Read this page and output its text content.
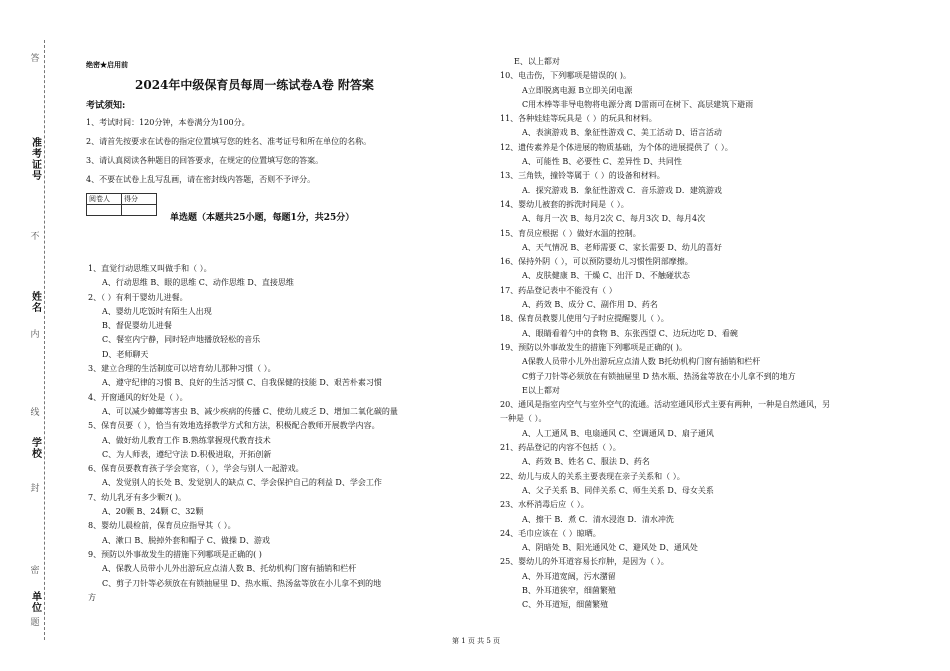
答
准考证号
不
姓名
内
线
学校
封
密
单位
题
绝密★启用前
2024年中级保育员每周一练试卷A卷 附答案
考试须知:
1、考试时间：120分钟，本卷满分为100分。
2、请首先按要求在试卷的指定位置填写您的姓名、准考证号和所在单位的名称。
3、请认真阅读各种题目的回答要求，在规定的位置填写您的答案。
4、不要在试卷上乱写乱画，请在密封线内答题，否则不予评分。
阅卷人	得分

单选题（本题共25小题，每题1分，共25分）
1、直觉行动思维又叫做手和（ ）。
A、行动思维 B、眼的思维 C、动作思维 D、直接思维
2、（ ）有利于婴幼儿进餐。
A、婴幼儿吃饭时有陌生人出现
B、督促婴幼儿进餐
C、餐室内宁静，同时轻声地播放轻松的音乐
D、老师聊天
3、建立合理的生活制度可以培育幼儿那种习惯（ ）。
A、遵守纪律的习惯 B、良好的生活习惯 C、自我保健的技能 D、艰苦朴素习惯
4、开窗通风的好处是（ ）。
A、可以减少蟑螂等害虫 B、减少疾病的传播 C、使幼儿疲乏 D、增加二氧化碳的量
5、保育员要（ ），恰当有效地选择教学方式和方法，积极配合教师开展教学内容。
A、做好幼儿教育工作 B.熟练掌握现代教育技术
C、为人师表，遵纪守法 D.积极进取，开拓创新
6、保育员要教育孩子学会宽容，（ ），学会与别人一起游戏。
A、发觉别人的长处 B、发觉别人的缺点 C、学会保护自己的利益 D、学会工作
7、幼儿乳牙有多少颗?( )。
A、20颗 B、24颗 C、32颗
8、婴幼儿晨检前，保育员应指导其（ ）。
A、漱口 B、脱掉外套和帽子 C、做操 D、游戏
9、预防以外事故发生的措施下列哪项是正确的( )
A、保教人员带小儿外出游玩应点清人数 B、托幼机构门窗有插销和栏杆
C、剪子刀针等必须放在有锁抽屉里 D、热水瓶、热汤盆等放在小儿拿不到的地
方
E、以上都对
10、电击伤，下列哪项是错误的( )。
A立即脱离电源 B立即关闭电源
C用木棒等非导电物将电源分离 D雷雨可在树下、高层建筑下避雨
11、各种娃娃等玩具是（ ）的玩具和材料。
A、表演游戏 B、象征性游戏 C、美工活动 D、语言活动
12、遗传素养是个体进展的物质基础，为个体的进展提供了（ ）。
A、可能性 B、必要性 C、差异性 D、共同性
13、三角铁，撞铃等属于（ ）的设备和材料。
A．探究游戏 B．象征性游戏 C．音乐游戏 D．建筑游戏
14、婴幼儿被套的拆洗时间是（ ）。
A、每月一次 B、每月2次 C、每月3次 D、每月4次
15、育员应根据（ ）做好水温的控制。
A、天气情况 B、老师需要 C、家长需要 D、幼儿的喜好
16、保持外阴（ ），可以预防婴幼儿习惯性阴部摩擦。
A、皮肤健康 B、干燥 C、出汗 D、不触碰状态
17、药品登记表中不能没有（ ）
A、药效 B、成分 C、副作用 D、药名
18、保育员教婴儿使用勺子时应提醒婴儿（ ）。
A、眼睛看着勺中的食物 B、东张西望 C、边玩边吃 D、看碗
19、预防以外事故发生的措施下列哪项是正确的( )。
A保教人员带小儿外出游玩应点清人数 B托幼机构门窗有插销和栏杆
C剪子刀针等必须放在有锁抽屉里 D 热水瓶、热汤盆等放在小儿拿不到的地方
E以上都对
20、通风是指室内空气与室外空气的流通。活动室通风形式主要有两种，一种是自然通风，另
一种是（ ）。
A、人工通风 B、电扇通风 C、空调通风 D、扇子通风
21、药品登记的内容不包括（ ）。
A、药效 B、姓名 C、服法 D、药名
22、幼儿与成人的关系主要表现在亲子关系和（ ）。
A、父子关系 B、同伴关系 C、师生关系 D、母女关系
23、水杯消毒后应（ ）。
A、擦干 B．煮 C．清水浸泡 D．清水冲洗
24、毛巾应该在（ ）晾晒。
A、阴暗处 B、阳光通风处 C、避风处 D、通风处
25、婴幼儿的外耳道容易长疖肿，是因为（ ）。
A、外耳道宽阔，污水潴留
B、外耳道狭窄，细菌繁殖
C、外耳道短，细菌繁殖
第 1 页 共 5 页
